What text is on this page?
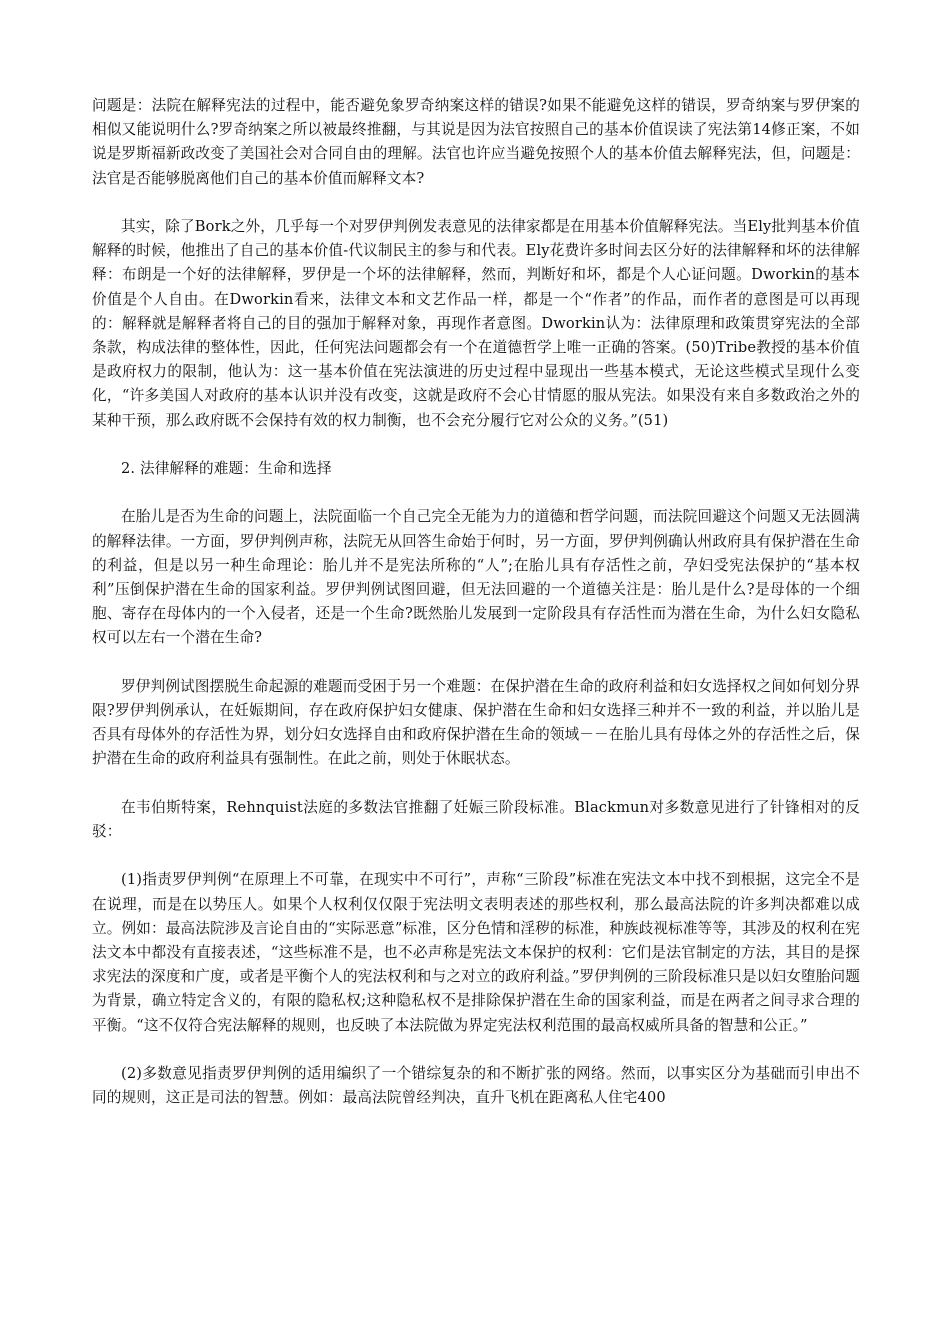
问题是：法院在解释宪法的过程中，能否避免象罗奇纳案这样的错误?如果不能避免这样的错误，罗奇纳案与罗伊案的相似又能说明什么?罗奇纳案之所以被最终推翻，与其说是因为法官按照自己的基本价值误读了宪法第14修正案，不如说是罗斯福新政改变了美国社会对合同自由的理解。法官也许应当避免按照个人的基本价值去解释宪法，但，问题是：法官是否能够脱离他们自己的基本价值而解释文本?

其实，除了Bork之外，几乎每一个对罗伊判例发表意见的法律家都是在用基本价值解释宪法。当Ely批判基本价值解释的时候，他推出了自己的基本价值-代议制民主的参与和代表。Ely花费许多时间去区分好的法律解释和坏的法律解释：布朗是一个好的法律解释，罗伊是一个坏的法律解释，然而，判断好和坏，都是个人心证问题。Dworkin的基本价值是个人自由。在Dworkin看来，法律文本和文艺作品一样，都是一个“作者”的作品，而作者的意图是可以再现的：解释就是解释者将自己的目的强加于解释对象，再现作者意图。Dworkin认为：法律原理和政策贯穿宪法的全部条款，构成法律的整体性，因此，任何宪法问题都会有一个在道德哲学上唯一正确的答案。(50)Tribe教授的基本价值是政府权力的限制，他认为：这一基本价值在宪法演进的历史过程中显现出一些基本模式，无论这些模式呈现什么变化，“许多美国人对政府的基本认识并没有改变，这就是政府不会心甘情愿的服从宪法。如果没有来自多数政治之外的某种干预，那么政府既不会保持有效的权力制衡，也不会充分履行它对公众的义务。”(51)

2. 法律解释的难题：生命和选择

在胎儿是否为生命的问题上，法院面临一个自己完全无能为力的道德和哲学问题，而法院回避这个问题又无法圆满的解释法律。一方面，罗伊判例声称，法院无从回答生命始于何时，另一方面，罗伊判例确认州政府具有保护潜在生命的利益，但是以另一种生命理论：胎儿并不是宪法所称的“人”;在胎儿具有存活性之前，孕妇受宪法保护的“基本权利”压倒保护潜在生命的国家利益。罗伊判例试图回避，但无法回避的一个道德关注是：胎儿是什么?是母体的一个细胞、寄存在母体内的一个入侵者，还是一个生命?既然胎儿发展到一定阶段具有存活性而为潜在生命，为什么妇女隐私权可以左右一个潜在生命?

罗伊判例试图摆脱生命起源的难题而受困于另一个难题：在保护潜在生命的政府利益和妇女选择权之间如何划分界限?罗伊判例承认，在妊娠期间，存在政府保护妇女健康、保护潜在生命和妇女选择三种并不一致的利益，并以胎儿是否具有母体外的存活性为界，划分妇女选择自由和政府保护潜在生命的领域－－在胎儿具有母体之外的存活性之后，保护潜在生命的政府利益具有强制性。在此之前，则处于休眠状态。

在韦伯斯特案，Rehnquist法庭的多数法官推翻了妊娠三阶段标准。Blackmun对多数意见进行了针锋相对的反驳：

(1)指责罗伊判例“在原理上不可靠，在现实中不可行”，声称“三阶段”标准在宪法文本中找不到根据，这完全不是在说理，而是在以势压人。如果个人权利仅仅限于宪法明文表明表述的那些权利，那么最高法院的许多判决都难以成立。例如：最高法院涉及言论自由的“实际恶意”标准，区分色情和淫秽的标准，种族歧视标准等等，其涉及的权利在宪法文本中都没有直接表述，“这些标准不是，也不必声称是宪法文本保护的权利：它们是法官制定的方法，其目的是探求宪法的深度和广度，或者是平衡个人的宪法权利和与之对立的政府利益。”罗伊判例的三阶段标准只是以妇女堕胎问题为背景，确立特定含义的，有限的隐私权;这种隐私权不是排除保护潜在生命的国家利益，而是在两者之间寻求合理的平衡。“这不仅符合宪法解释的规则，也反映了本法院做为界定宪法权利范围的最高权威所具备的智慧和公正。”

(2)多数意见指责罗伊判例的适用编织了一个错综复杂的和不断扩张的网络。然而，以事实区分为基础而引申出不同的规则，这正是司法的智慧。例如：最高法院曾经判决，直升飞机在距离私人住宅400
